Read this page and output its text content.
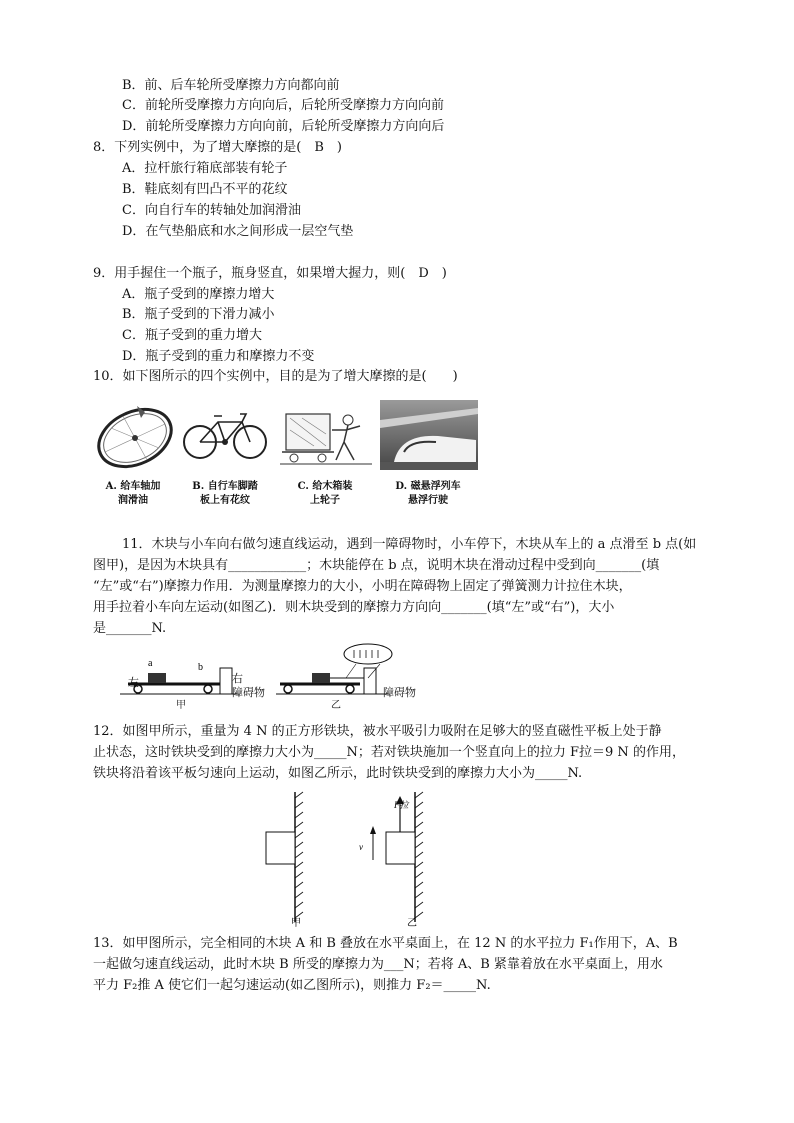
B．前、后车轮所受摩擦力方向都向前
C．前轮所受摩擦力方向向后，后轮所受摩擦力方向向前
D．前轮所受摩擦力方向向前，后轮所受摩擦力方向向后
8．下列实例中，为了增大摩擦的是(　B　)
A．拉杆旅行箱底部装有轮子
B．鞋底刻有凹凸不平的花纹
C．向自行车的转轴处加润滑油
D．在气垫船底和水之间形成一层空气垫
9．用手握住一个瓶子，瓶身竖直，如果增大握力，则(　D　)
A．瓶子受到的摩擦力增大
B．瓶子受到的下滑力减小
C．瓶子受到的重力增大
D．瓶子受到的重力和摩擦力不变
10．如下图所示的四个实例中，目的是为了增大摩擦的是(　　)
A. 给车轴加
润滑油
B. 自行车脚踏
板上有花纹
C. 给木箱装
上轮子
D. 磁悬浮列车
悬浮行驶
11．木块与小车向右做匀速直线运动，遇到一障碍物时，小车停下，木块从车上的 a 点滑至 b 点(如
图甲)，是因为木块具有____________；木块能停在 b 点，说明木块在滑动过程中受到向_______(填
“左”或“右”)摩擦力作用．为测量摩擦力的大小，小明在障碍物上固定了弹簧测力计拉住木块，
用手拉着小车向左运动(如图乙)．则木块受到的摩擦力方向向_______(填“左”或“右”)，大小
是_______N.
a	b
左	右
障碍物	障碍物
甲	乙
12．如图甲所示，重量为 4 N 的正方形铁块，被水平吸引力吸附在足够大的竖直磁性平板上处于静
止状态，这时铁块受到的摩擦力大小为_____N；若对铁块施加一个竖直向上的拉力 F拉＝9 N 的作用，
铁块将沿着该平板匀速向上运动，如图乙所示，此时铁块受到的摩擦力大小为_____N.
v
F拉
甲	乙
13．如甲图所示，完全相同的木块 A 和 B 叠放在水平桌面上，在 12 N 的水平拉力 F₁作用下，A、B
一起做匀速直线运动，此时木块 B 所受的摩擦力为___N；若将 A、B 紧靠着放在水平桌面上，用水
平力 F₂推 A 使它们一起匀速运动(如乙图所示)，则推力 F₂＝_____N.
